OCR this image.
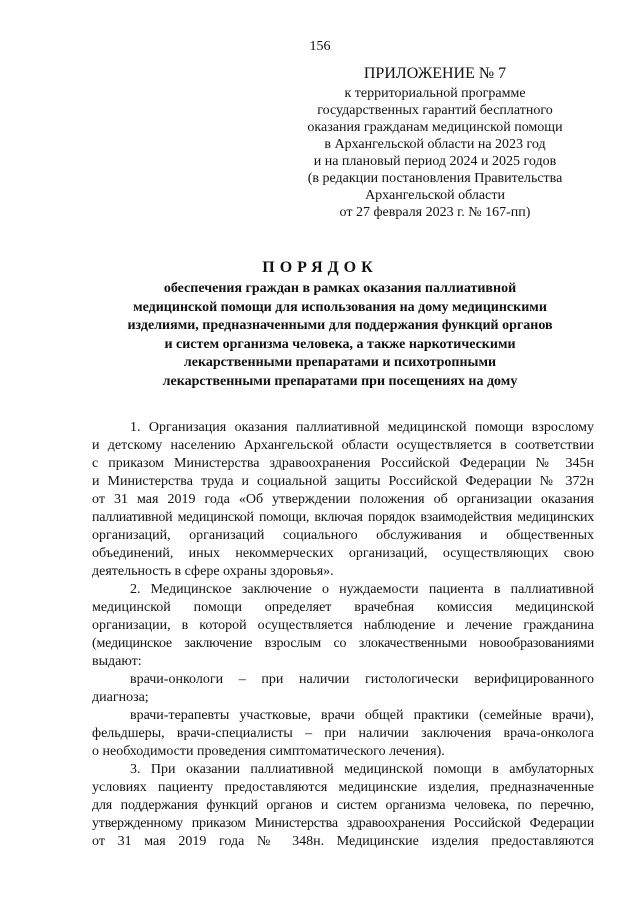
156
ПРИЛОЖЕНИЕ № 7
к территориальной программе
государственных гарантий бесплатного
оказания гражданам медицинской помощи
в Архангельской области на 2023 год
и на плановый период 2024 и 2025 годов
(в редакции постановления Правительства
Архангельской области
от 27 февраля 2023 г. № 167-пп)
ПОРЯДОК
обеспечения граждан в рамках оказания паллиативной
медицинской помощи для использования на дому медицинскими
изделиями, предназначенными для поддержания функций органов
и систем организма человека, а также наркотическими
лекарственными препаратами и психотропными
лекарственными препаратами при посещениях на дому
1. Организация оказания паллиативной медицинской помощи взрослому
и детскому населению Архангельской области осуществляется в соответствии
с приказом Министерства здравоохранения Российской Федерации № 345н
и Министерства труда и социальной защиты Российской Федерации № 372н
от 31 мая 2019 года «Об утверждении положения об организации оказания
паллиативной медицинской помощи, включая порядок взаимодействия медицинских
организаций, организаций социального обслуживания и общественных
объединений, иных некоммерческих организаций, осуществляющих свою
деятельность в сфере охраны здоровья».
2. Медицинское заключение о нуждаемости пациента в паллиативной
медицинской помощи определяет врачебная комиссия медицинской
организации, в которой осуществляется наблюдение и лечение гражданина
(медицинское заключение взрослым со злокачественными новообразованиями
выдают:
врачи-онкологи – при наличии гистологически верифицированного
диагноза;
врачи-терапевты участковые, врачи общей практики (семейные врачи),
фельдшеры, врачи-специалисты – при наличии заключения врача-онколога
о необходимости проведения симптоматического лечения).
3. При оказании паллиативной медицинской помощи в амбулаторных
условиях пациенту предоставляются медицинские изделия, предназначенные
для поддержания функций органов и систем организма человека, по перечню,
утвержденному приказом Министерства здравоохранения Российской Федерации
от 31 мая 2019 года № 348н. Медицинские изделия предоставляются
